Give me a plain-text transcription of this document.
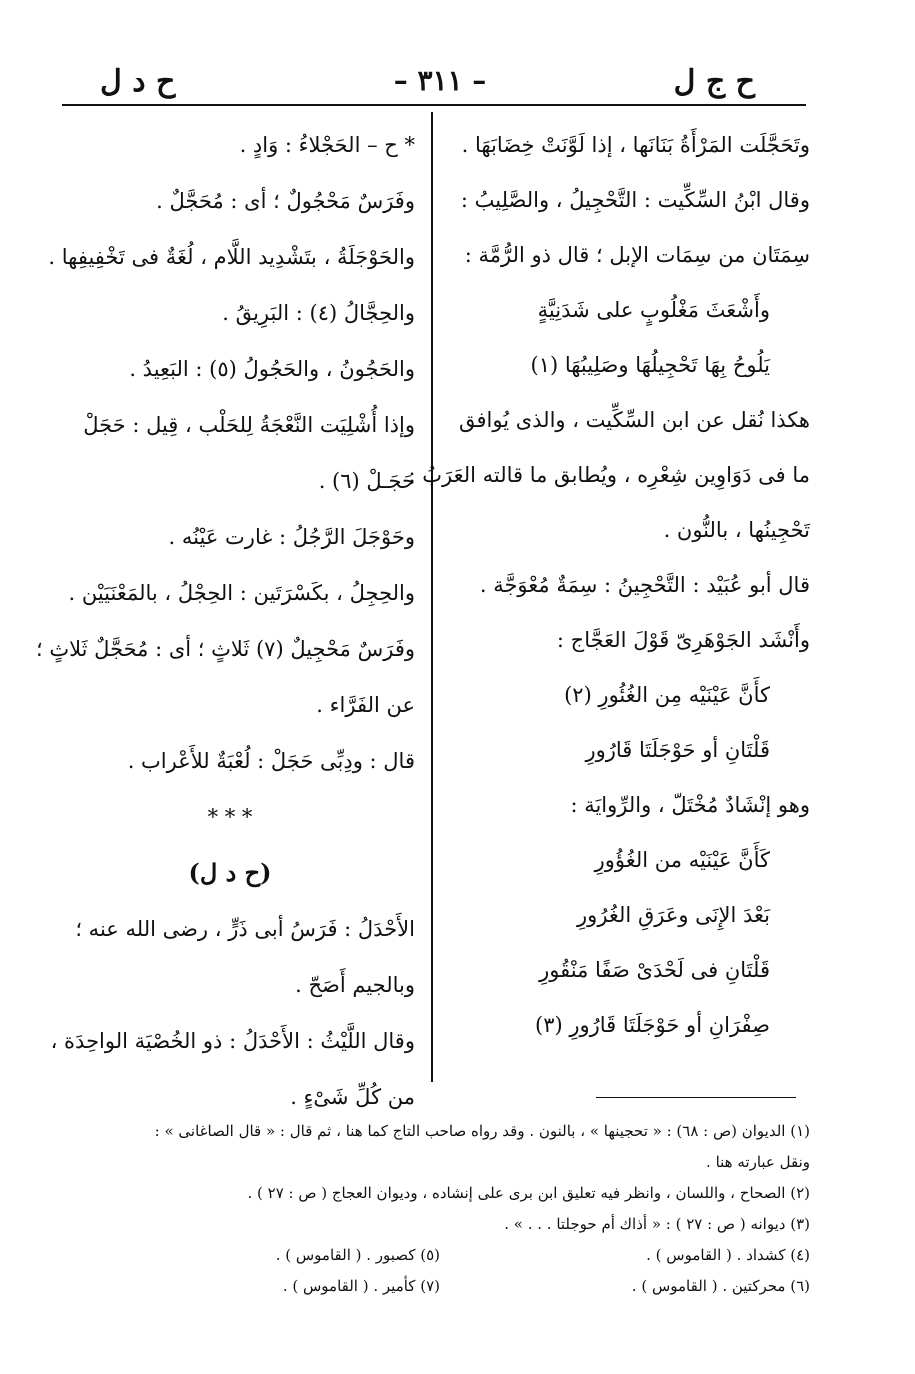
ح ج ل
– ٣١١ –
ح د ل
وتَحَجَّلَت المَرْأَةُ بَنَانَها ، إذا لَوَّنَتْ خِضَابَهَا .
وقال ابْنُ السِّكِّيت : التَّحْجِيلُ ، والصَّلِيبُ :
سِمَتَان من سِمَات الإبل ؛ قال ذو الرُّمَّة :
وأَشْعَثَ مَغْلُوبٍ على شَدَنِيَّةٍ
يَلُوحُ بِهَا تَحْجِيلُهَا وصَلِيبُهَا (١)
هكذا نُقل عن ابن السِّكِّيت ، والذى يُوافق
ما فى دَوَاوِين شِعْرِه ، ويُطابق ما قالته العَرَبُ :
تَحْجِينُها ، بالنُّون .
قال أبو عُبَيْد : التَّحْجِينُ : سِمَةٌ مُعْوَجَّة .
وأَنْشَد الجَوْهَرِىّ قَوْلَ العَجَّاج :
كأَنَّ عَيْنَيْه مِن الغُئُورِ (٢)
قَلْتَانِ أو حَوْجَلَتَا قَارُورِ
وهو إنْشَادٌ مُخْتَلّ ، والرِّوايَة :
كَأَنَّ عَيْنَيْه من الغُؤُورِ
بَعْدَ الإِنَى وعَرَقِ الغُرُورِ
قَلْتَانِ فى لَحْدَىْ صَفًا مَنْقُورِ
صِفْرَانِ أو حَوْجَلَتَا قَارُورِ (٣)
* ح – الحَجْلاءُ : وَادٍ .
وفَرَسٌ مَحْجُولٌ ؛ أى : مُحَجَّلٌ .
والحَوْجَلَةُ ، بتَشْدِيد اللَّام ، لُغَةٌ فى تَخْفِيفِها .
والحِجَّالُ (٤) : البَرِيقُ .
والحَجُونُ ، والحَجُولُ (٥) : البَعِيدُ .
وإذا أُشْلِيَت النَّعْجَةُ لِلحَلْب ، قِيل : حَجَلْ
حَجَـلْ (٦) .
وحَوْجَلَ الرَّجُلُ : غارت عَيْنُه .
والحِجِلُ ، بكَسْرَتَين : الحِجْلُ ، بالمَعْنَيَيْن .
وفَرَسٌ مَحْجِيلٌ (٧) ثَلاثٍ ؛ أى : مُحَجَّلٌ ثَلاثٍ ؛
عن الفَرَّاء .
قال : ودِبِّى حَجَلْ : لُعْبَةٌ للأَعْراب .
* * *
(ح د ل)
الأَحْدَلُ : فَرَسُ أبى ذَرٍّ ، رضى الله عنه ؛
وبالجيم أَصَحّ .
وقال اللَّيْثُ : الأَحْدَلُ : ذو الخُصْيَة الواحِدَة ،
من كُلِّ شَىْءٍ .
(١) الديوان (ص : ٦٨) : « تحجينها » ، بالنون . وقد رواه صاحب التاج كما هنا ، ثم قال : « قال الصاغانى » :
ونقل عبارته هنا .
(٢) الصحاح ، واللسان ، وانظر فيه تعليق ابن برى على إنشاده ، وديوان العجاج ( ص : ٢٧ ) .
(٣) ديوانه ( ص : ٢٧ ) : « أذاك أم حوجلتا . . . » .
(٤) كشداد . ( القاموس ) .
(٥) كصبور . ( القاموس ) .
(٦) محركتين . ( القاموس ) .
(٧) كأمير . ( القاموس ) .
